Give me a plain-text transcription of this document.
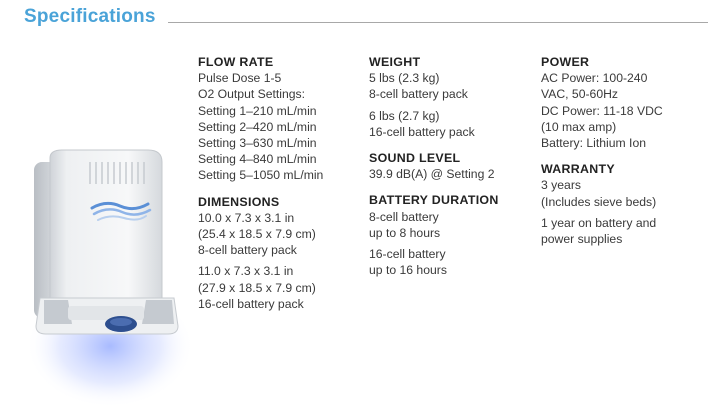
Specifications
FLOW RATE
Pulse Dose 1-5
O2 Output Settings:
Setting 1–210 mL/min
Setting 2–420 mL/min
Setting 3–630 mL/min
Setting 4–840 mL/min
Setting 5–1050 mL/min
DIMENSIONS
10.0 x 7.3 x 3.1 in
(25.4 x 18.5 x 7.9 cm)
8-cell battery pack
11.0 x 7.3 x 3.1 in
(27.9 x 18.5 x 7.9 cm)
16-cell battery pack
WEIGHT
5 lbs (2.3 kg)
8-cell battery pack
6 lbs (2.7 kg)
16-cell battery pack
SOUND LEVEL
39.9 dB(A) @ Setting 2
BATTERY DURATION
8-cell battery
up to 8 hours
16-cell battery
up to 16 hours
POWER
AC Power: 100-240
VAC, 50-60Hz
DC Power: 11-18 VDC
(10 max amp)
Battery: Lithium Ion
WARRANTY
3 years
(Includes sieve beds)
1 year on battery and
power supplies
